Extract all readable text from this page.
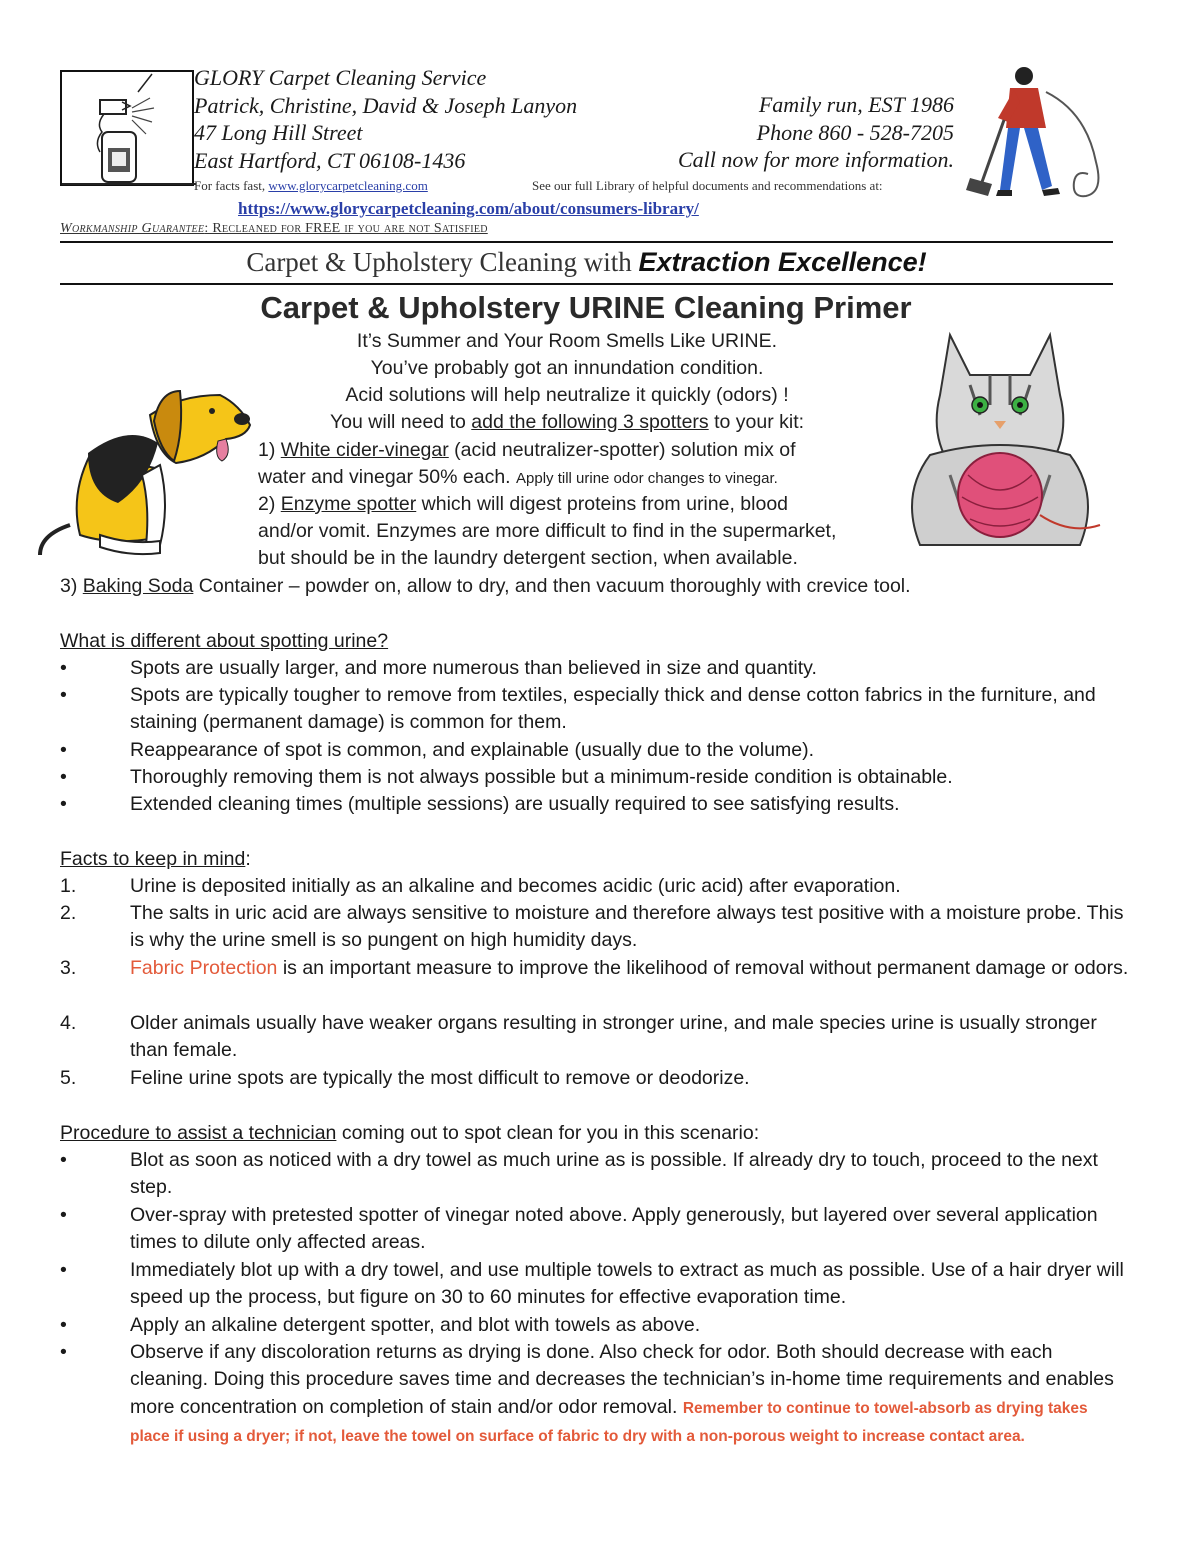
GLORY Carpet Cleaning Service
Patrick, Christine, David & Joseph Lanyon
47 Long Hill Street
East Hartford, CT 06108-1436
Family run, EST 1986
Phone 860 - 528-7205
Call now for more information.
For facts fast, www.glorycarpetcleaning.com	See our full Library of helpful documents and recommendations at:
https://www.glorycarpetcleaning.com/about/consumers-library/
Workmanship Guarantee: Recleaned for FREE if you are not Satisfied
Carpet & Upholstery Cleaning with Extraction Excellence!
Carpet & Upholstery URINE Cleaning Primer
It’s Summer and Your Room Smells Like URINE.
You’ve probably got an innundation condition.
Acid solutions will help neutralize it quickly (odors) !
You will need to add the following 3 spotters to your kit:
1) White cider-vinegar (acid neutralizer-spotter) solution mix of
water and vinegar 50% each. Apply till urine odor changes to vinegar.
2) Enzyme spotter which will digest proteins from urine, blood
and/or vomit. Enzymes are more difficult to find in the supermarket,
but should be in the laundry detergent section, when available.
3) Baking Soda Container – powder on, allow to dry, and then vacuum thoroughly with crevice tool.
What is different about spotting urine?
•	Spots are usually larger, and more numerous than believed in size and quantity.
•	Spots are typically tougher to remove from textiles, especially thick and dense cotton fabrics in the furniture, and staining (permanent damage) is common for them.
•	Reappearance of spot is common, and explainable (usually due to the volume).
•	Thoroughly removing them is not always possible but a minimum-reside condition is obtainable.
•	Extended cleaning times (multiple sessions) are usually required to see satisfying results.
Facts to keep in mind:
1.	Urine is deposited initially as an alkaline and becomes acidic (uric acid) after evaporation.
2.	The salts in uric acid are always sensitive to moisture and therefore always test positive with a moisture probe. This is why the urine smell is so pungent on high humidity days.
3.	Fabric Protection is an important measure to improve the likelihood of removal without permanent damage or odors.
4.	Older animals usually have weaker organs resulting in stronger urine, and male species urine is usually stronger than female.
5.	Feline urine spots are typically the most difficult to remove or deodorize.
Procedure to assist a technician coming out to spot clean for you in this scenario:
•	Blot as soon as noticed with a dry towel as much urine as is possible. If already dry to touch, proceed to the next step.
•	Over-spray with pretested spotter of vinegar noted above. Apply generously, but layered over several application times to dilute only affected areas.
•	Immediately blot up with a dry towel, and use multiple towels to extract as much as possible. Use of a hair dryer will speed up the process, but figure on 30 to 60 minutes for effective evaporation time.
•	Apply an alkaline detergent spotter, and blot with towels as above.
•	Observe if any discoloration returns as drying is done. Also check for odor. Both should decrease with each cleaning. Doing this procedure saves time and decreases the technician’s in-home time requirements and enables more concentration on completion of stain and/or odor removal. Remember to continue to towel-absorb as drying takes place if using a dryer; if not, leave the towel on surface of fabric to dry with a non-porous weight to increase contact area.
